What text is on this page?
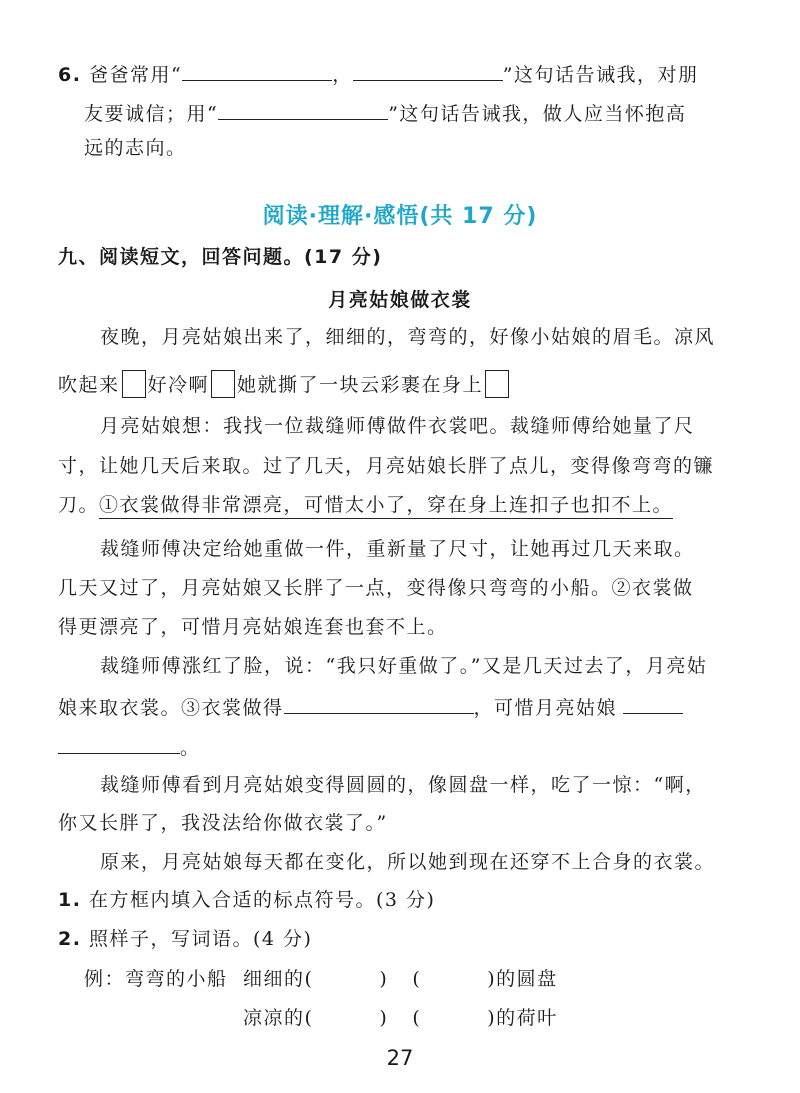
6. 爸爸常用“	，	”这句话告诫我，对朋
友要诚信；用“	”这句话告诫我，做人应当怀抱高
远的志向。
阅读·理解·感悟(共 17 分)
九、阅读短文，回答问题。(17 分)
月亮姑娘做衣裳
夜晚，月亮姑娘出来了，细细的，弯弯的，好像小姑娘的眉毛。凉风
吹起来 好冷啊 她就撕了一块云彩裹在身上
月亮姑娘想：我找一位裁缝师傅做件衣裳吧。裁缝师傅给她量了尺
寸，让她几天后来取。过了几天，月亮姑娘长胖了点儿，变得像弯弯的镰
刀。①衣裳做得非常漂亮，可惜太小了，穿在身上连扣子也扣不上。
裁缝师傅决定给她重做一件，重新量了尺寸，让她再过几天来取。
几天又过了，月亮姑娘又长胖了一点，变得像只弯弯的小船。②衣裳做
得更漂亮了，可惜月亮姑娘连套也套不上。
裁缝师傅涨红了脸，说：“我只好重做了。”又是几天过去了，月亮姑
娘来取衣裳。③衣裳做得	，可惜月亮姑娘
。
裁缝师傅看到月亮姑娘变得圆圆的，像圆盘一样，吃了一惊：“啊，
你又长胖了，我没法给你做衣裳了。”
原来，月亮姑娘每天都在变化，所以她到现在还穿不上合身的衣裳。
1. 在方框内填入合适的标点符号。(3 分)
2. 照样子，写词语。(4 分)
例：弯弯的小船 细细的(	) (	)的圆盘
凉凉的(	) (	)的荷叶
27
